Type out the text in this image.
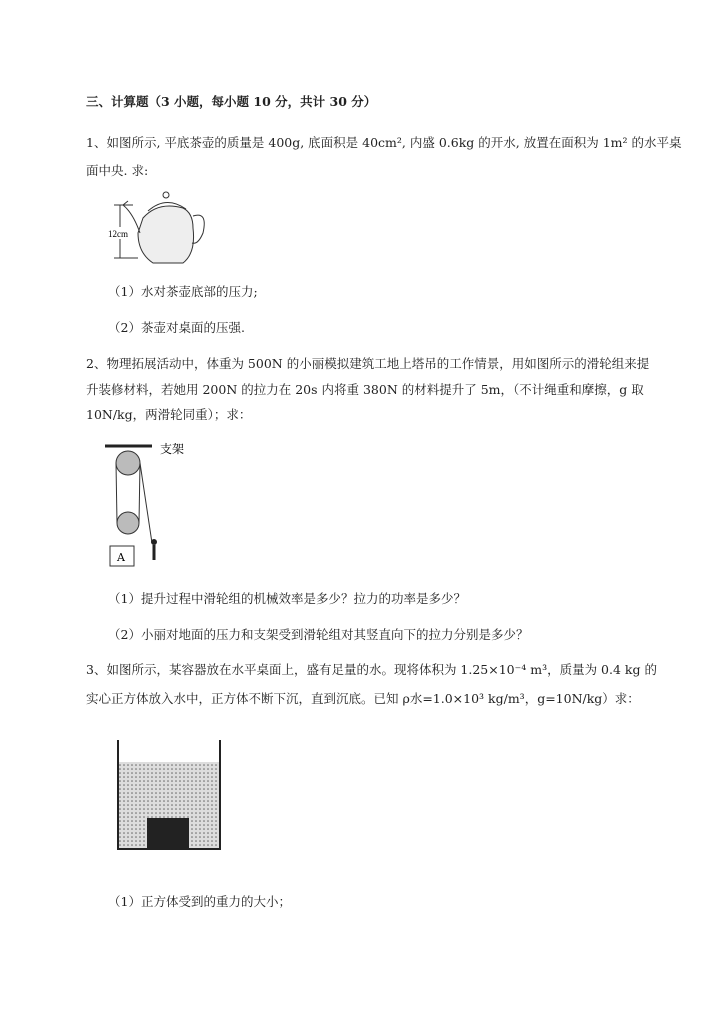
三、计算题（3 小题，每小题 10 分，共计 30 分）
1、如图所示, 平底茶壶的质量是 400g, 底面积是 40cm², 内盛 0.6kg 的开水, 放置在面积为 1m² 的水平桌
面中央. 求:
12cm
（1）水对茶壶底部的压力;
（2）茶壶对桌面的压强.
2、物理拓展活动中，体重为 500N 的小丽模拟建筑工地上塔吊的工作情景，用如图所示的滑轮组来提
升装修材料，若她用 200N 的拉力在 20s 内将重 380N 的材料提升了 5m，（不计绳重和摩擦，g 取
10N/kg，两滑轮同重）；求：
A
支架
（1）提升过程中滑轮组的机械效率是多少？拉力的功率是多少？
（2）小丽对地面的压力和支架受到滑轮组对其竖直向下的拉力分别是多少？
3、如图所示，某容器放在水平桌面上，盛有足量的水。现将体积为 1.25×10⁻⁴ m³，质量为 0.4 kg 的
实心正方体放入水中，正方体不断下沉，直到沉底。已知 ρ水=1.0×10³ kg/m³，g=10N/kg）求：
（1）正方体受到的重力的大小；
